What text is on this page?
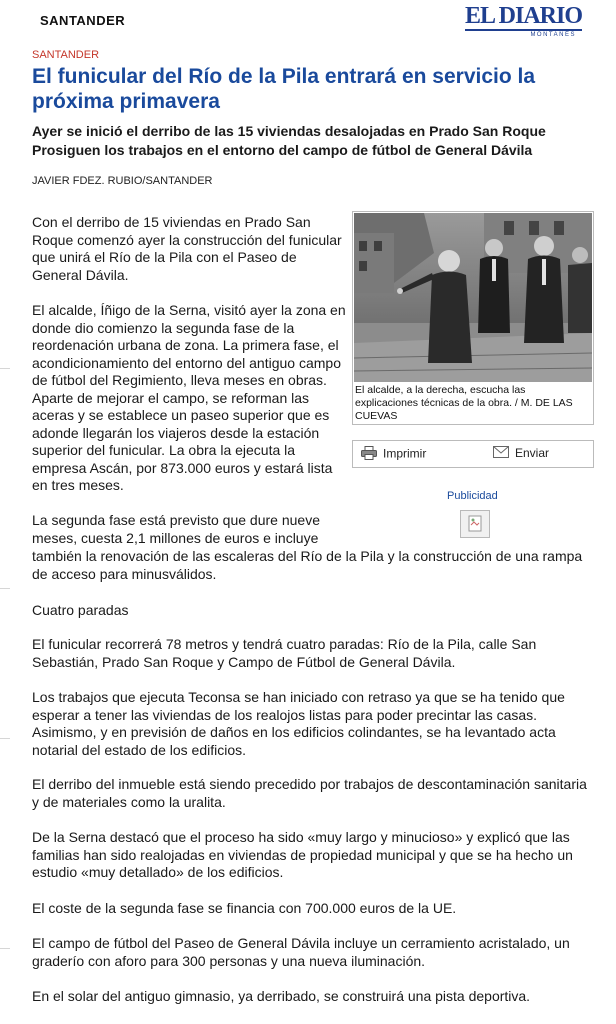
SANTANDER	EL DIARIO
MONTAÑÉS
SANTANDER
El funicular del Río de la Pila entrará en servicio la próxima primavera

Ayer se inició el derribo de las 15 viviendas desalojadas en Prado San Roque Prosiguen los trabajos en el entorno del campo de fútbol de General Dávila

JAVIER FDEZ. RUBIO/SANTANDER
El alcalde, a la derecha, escucha las explicaciones técnicas de la obra. / M. DE LAS CUEVAS
Imprimir	Enviar
Publicidad

Con el derribo de 15 viviendas en Prado San Roque comenzó ayer la construcción del funicular que unirá el Río de la Pila con el Paseo de General Dávila.

El alcalde, Íñigo de la Serna, visitó ayer la zona en donde dio comienzo la segunda fase de la reordenación urbana de zona. La primera fase, el acondicionamiento del entorno del antiguo campo de fútbol del Regimiento, lleva meses en obras. Aparte de mejorar el campo, se reforman las aceras y se establece un paseo superior que es adonde llegarán los viajeros desde la estación superior del funicular. La obra la ejecuta la empresa Ascán, por 873.000 euros y estará lista en tres meses.

La segunda fase está previsto que dure nueve meses, cuesta 2,1 millones de euros e incluye

también la renovación de las escaleras del Río de la Pila y la construcción de una rampa de acceso para minusválidos.

Cuatro paradas

El funicular recorrerá 78 metros y tendrá cuatro paradas: Río de la Pila, calle San Sebastián, Prado San Roque y Campo de Fútbol de General Dávila.

Los trabajos que ejecuta Teconsa se han iniciado con retraso ya que se ha tenido que esperar a tener las viviendas de los realojos listas para poder precintar las casas. Asimismo, y en previsión de daños en los edificios colindantes, se ha levantado acta notarial del estado de los edificios.

El derribo del inmueble está siendo precedido por trabajos de descontaminación sanitaria y de materiales como la uralita.

De la Serna destacó que el proceso ha sido «muy largo y minucioso» y explicó que las familias han sido realojadas en viviendas de propiedad municipal y que se ha hecho un estudio «muy detallado» de los edificios.

El coste de la segunda fase se financia con 700.000 euros de la UE.

El campo de fútbol del Paseo de General Dávila incluye un cerramiento acristalado, un graderío con aforo para 300 personas y una nueva iluminación.

En el solar del antiguo gimnasio, ya derribado, se construirá una pista deportiva.
